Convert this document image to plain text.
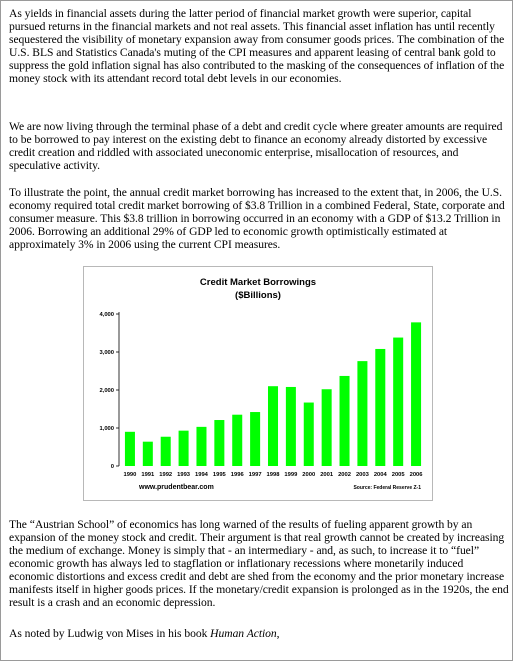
As yields in financial assets during the latter period of financial market growth were superior, capital pursued returns in the financial markets and not real assets. This financial asset inflation has until recently sequestered the visibility of monetary expansion away from consumer goods prices. The combination of the U.S. BLS and Statistics Canada's muting of the CPI measures and apparent leasing of central bank gold to suppress the gold inflation signal has also contributed to the masking of the consequences of inflation of the money stock with its attendant record total debt levels in our economies.

We are now living through the terminal phase of a debt and credit cycle where greater amounts are required to be borrowed to pay interest on the existing debt to finance an economy already distorted by excessive credit creation and riddled with associated uneconomic enterprise, misallocation of resources, and speculative activity.

To illustrate the point, the annual credit market borrowing has increased to the extent that, in 2006, the U.S. economy required total credit market borrowing of $3.8 Trillion in a combined Federal, State, corporate and consumer measure. This $3.8 trillion in borrowing occurred in an economy with a GDP of $13.2 Trillion in 2006. Borrowing an additional 29% of GDP led to economic growth optimistically estimated at approximately 3% in 2006 using the current CPI measures.

Credit Market Borrowings
($Billions)
4,000
3,000
2,000
1,000
0
1990 1991 1992 1993 1994 1995 1996 1997 1998 1999 2000 2001 2002 2003 2004 2005 2006
www.prudentbear.com	Source: Federal Reserve Z-1

The “Austrian School” of economics has long warned of the results of fueling apparent growth by an expansion of the money stock and credit. Their argument is that real growth cannot be created by increasing the medium of exchange. Money is simply that - an intermediary - and, as such, to increase it to “fuel” economic growth has always led to stagflation or inflationary recessions where monetarily induced economic distortions and excess credit and debt are shed from the economy and the prior monetary increase manifests itself in higher goods prices. If the monetary/credit expansion is prolonged as in the 1920s, the end result is a crash and an economic depression.

As noted by Ludwig von Mises in his book Human Action,
